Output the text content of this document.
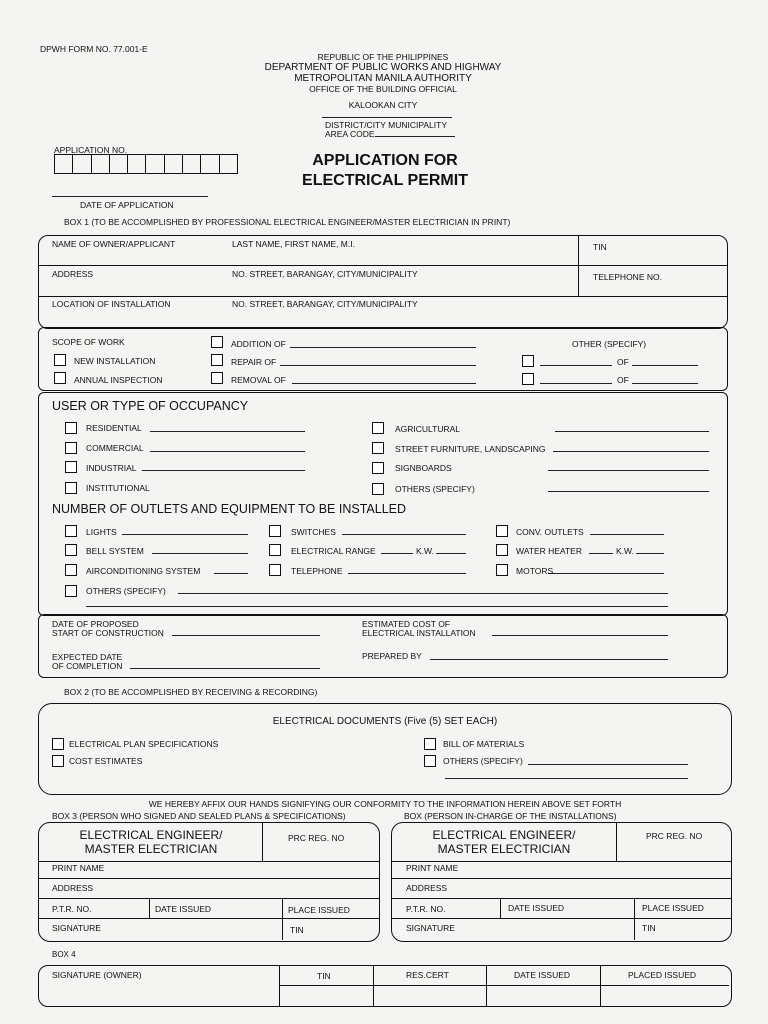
DPWH FORM NO. 77.001-E
REPUBLIC OF THE PHILIPPINES
DEPARTMENT OF PUBLIC WORKS AND HIGHWAY
METROPOLITAN MANILA AUTHORITY
OFFICE OF THE BUILDING OFFICIAL
KALOOKAN CITY
DISTRICT/CITY MUNICIPALITY
AREA CODE
APPLICATION NO.
APPLICATION FOR
ELECTRICAL PERMIT
DATE OF APPLICATION
BOX 1 (TO BE ACCOMPLISHED BY PROFESSIONAL ELECTRICAL ENGINEER/MASTER ELECTRICIAN IN PRINT)
NAME OF OWNER/APPLICANT	LAST NAME, FIRST NAME, M.I.	TIN
ADDRESS	NO. STREET, BARANGAY, CITY/MUNICIPALITY	TELEPHONE NO.
LOCATION OF INSTALLATION	NO. STREET, BARANGAY, CITY/MUNICIPALITY
SCOPE OF WORK
NEW INSTALLATION
ANNUAL INSPECTION
ADDITION OF
REPAIR OF
REMOVAL OF
OTHER (SPECIFY)
OF
OF
USER OR TYPE OF OCCUPANCY
RESIDENTIAL
COMMERCIAL
INDUSTRIAL
INSTITUTIONAL
AGRICULTURAL
STREET FURNITURE, LANDSCAPING
SIGNBOARDS
OTHERS (SPECIFY)
NUMBER OF OUTLETS AND EQUIPMENT TO BE INSTALLED
LIGHTS
BELL SYSTEM
AIRCONDITIONING SYSTEM
OTHERS (SPECIFY)
SWITCHES
ELECTRICAL RANGE	K.W.
TELEPHONE
CONV. OUTLETS
WATER HEATER	K.W.
MOTORS
DATE OF PROPOSED
START OF CONSTRUCTION
EXPECTED DATE
OF COMPLETION
ESTIMATED COST OF
ELECTRICAL INSTALLATION
PREPARED BY
BOX 2 (TO BE ACCOMPLISHED BY RECEIVING & RECORDING)
ELECTRICAL DOCUMENTS (Five (5) SET EACH)
ELECTRICAL PLAN SPECIFICATIONS
COST ESTIMATES
BILL OF MATERIALS
OTHERS (SPECIFY)
WE HEREBY AFFIX OUR HANDS SIGNIFYING OUR CONFORMITY TO THE INFORMATION HEREIN ABOVE SET FORTH
BOX 3 (PERSON WHO SIGNED AND SEALED PLANS & SPECIFICATIONS)	BOX (PERSON IN-CHARGE OF THE INSTALLATIONS)
ELECTRICAL ENGINEER/
MASTER ELECTRICIAN
PRC REG. NO
PRINT NAME
ADDRESS
P.T.R. NO.	DATE ISSUED	PLACE ISSUED
SIGNATURE	TIN
ELECTRICAL ENGINEER/
MASTER ELECTRICIAN
PRC REG. NO
PRINT NAME
ADDRESS
P.T.R. NO.	DATE ISSUED	PLACE ISSUED
SIGNATURE	TIN
BOX 4
SIGNATURE (OWNER)	TIN	RES.CERT	DATE ISSUED	PLACED ISSUED
